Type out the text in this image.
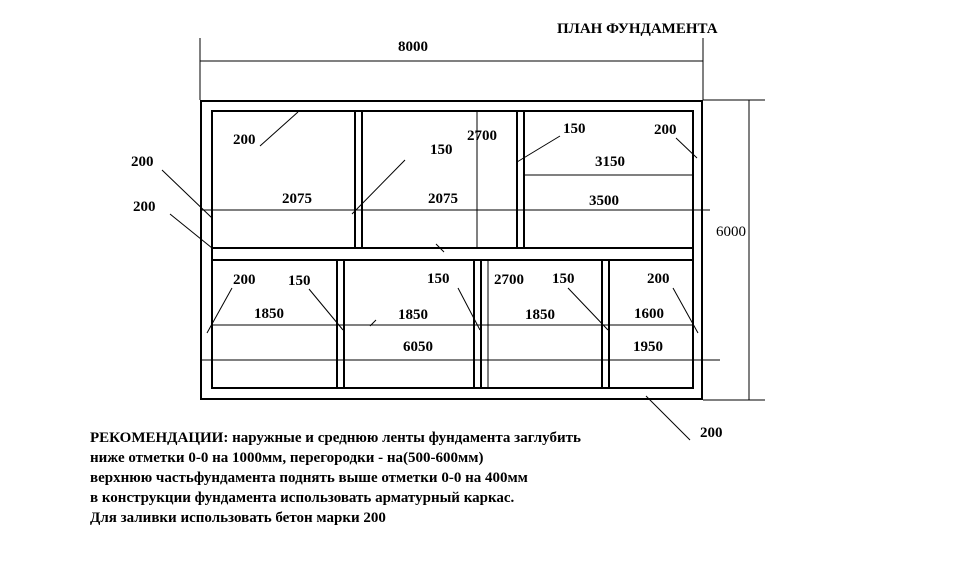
ПЛАН ФУНДАМЕНТА
8000
6000
200
200
200
2075
150
2075
2700	150	200
3150
3500
200 150	150	2700 150	200
1850	1850	1850	1600
6050	1950
200
РЕКОМЕНДАЦИИ: наружные и среднюю ленты фундамента заглубить
ниже отметки 0-0 на 1000мм, перегородки - на(500-600мм)
верхнюю частьфундамента поднять выше отметки 0-0 на 400мм
в конструкции фундамента использовать арматурный каркас.
Для заливки использовать бетон марки 200
